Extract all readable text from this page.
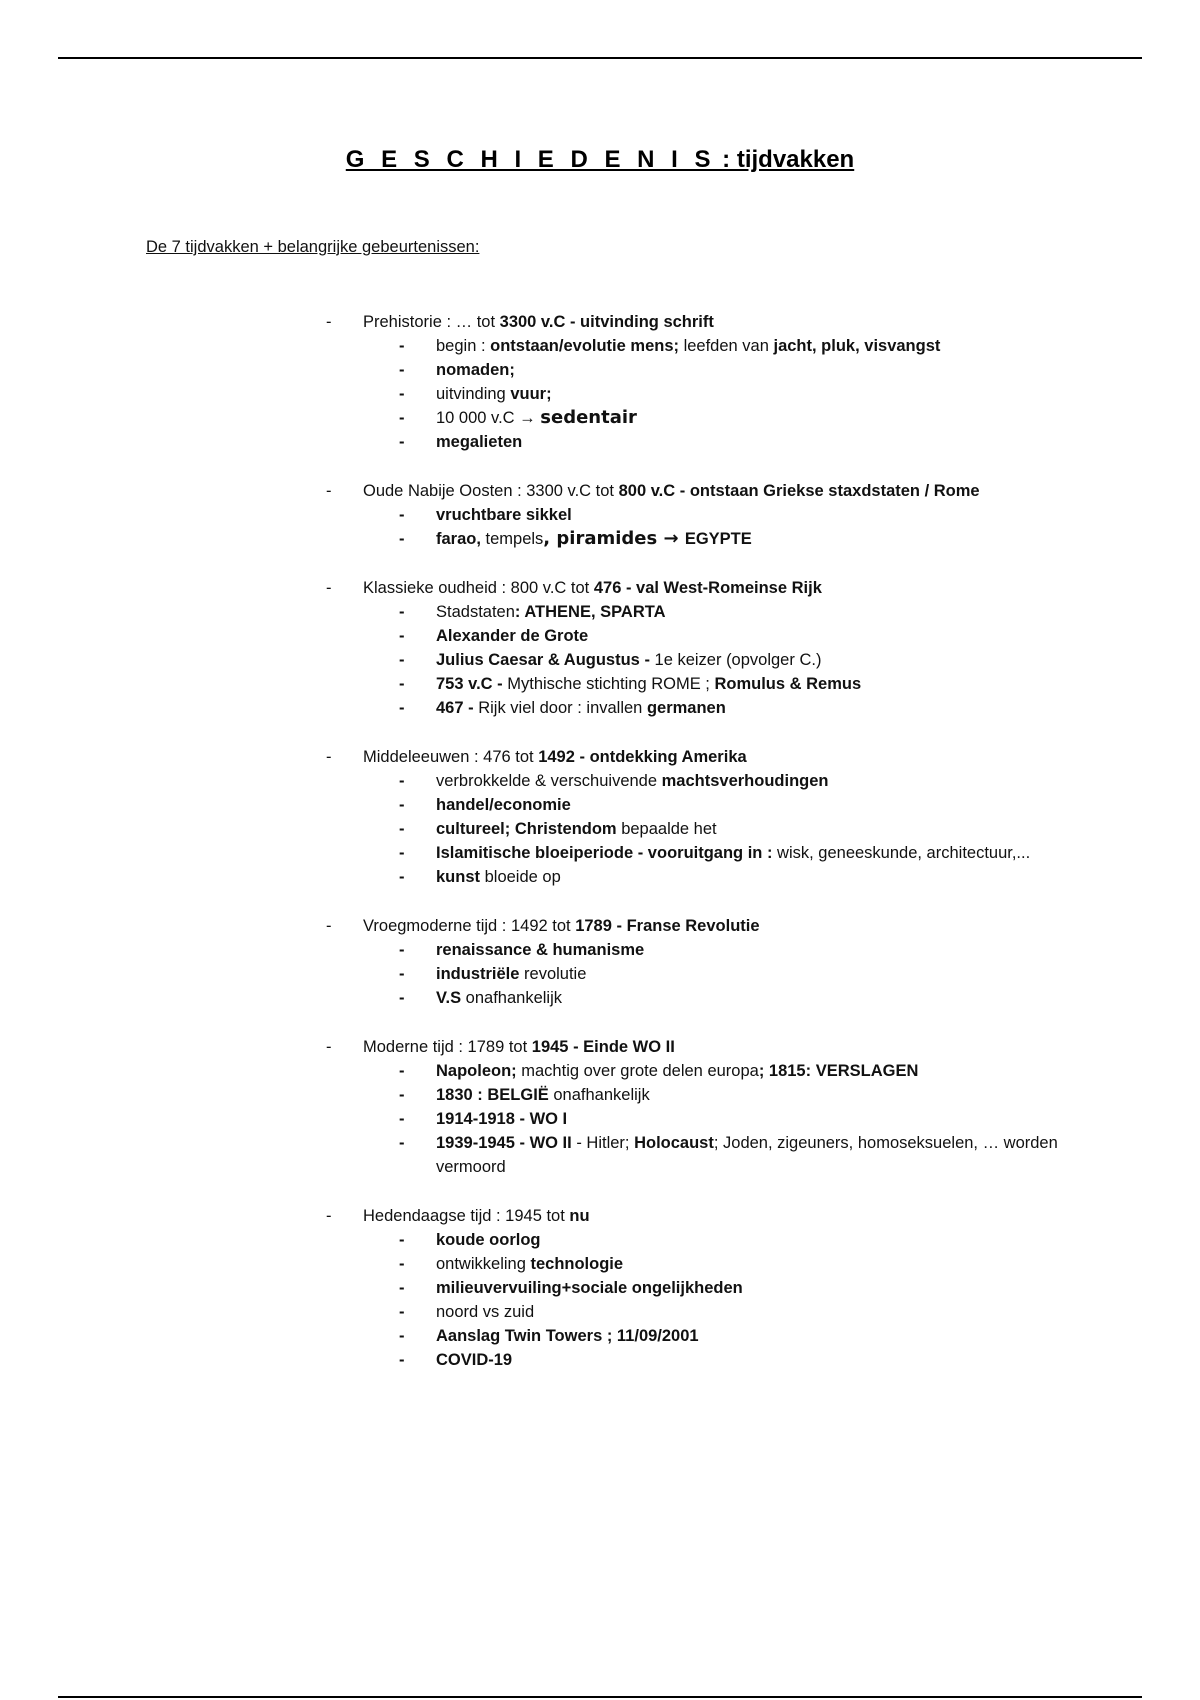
G E S C H I E D E N I S : tijdvakken
De 7 tijdvakken + belangrijke gebeurtenissen:
- Prehistorie : … tot 3300 v.C - uitvinding schrift
- begin : ontstaan/evolutie mens; leefden van jacht, pluk, visvangst
- nomaden;
- uitvinding vuur;
- 10 000 v.C → sedentair
- megalieten
- Oude Nabije Oosten : 3300 v.C tot 800 v.C - ontstaan Griekse staxdstaten / Rome
- vruchtbare sikkel
- farao, tempels, piramides → EGYPTE
- Klassieke oudheid : 800 v.C tot 476 - val West-Romeinse Rijk
- Stadstaten: ATHENE, SPARTA
- Alexander de Grote
- Julius Caesar & Augustus - 1e keizer (opvolger C.)
- 753 v.C - Mythische stichting ROME ; Romulus & Remus
- 467 - Rijk viel door : invallen germanen
- Middeleeuwen : 476 tot 1492 - ontdekking Amerika
- verbrokkelde & verschuivende machtsverhoudingen
- handel/economie
- cultureel; Christendom bepaalde het
- Islamitische bloeiperiode - vooruitgang in : wisk, geneeskunde, architectuur,...
- kunst bloeide op
- Vroegmoderne tijd : 1492 tot 1789 - Franse Revolutie
- renaissance & humanisme
- industriële revolutie
- V.S onafhankelijk
- Moderne tijd : 1789 tot 1945 - Einde WO II
- Napoleon; machtig over grote delen europa; 1815: VERSLAGEN
- 1830 : BELGIË onafhankelijk
- 1914-1918 - WO I
- 1939-1945 - WO II - Hitler; Holocaust; Joden, zigeuners, homoseksuelen, … worden vermoord
- Hedendaagse tijd : 1945 tot nu
- koude oorlog
- ontwikkeling technologie
- milieuvervuiling+sociale ongelijkheden
- noord vs zuid
- Aanslag Twin Towers ; 11/09/2001
- COVID-19
